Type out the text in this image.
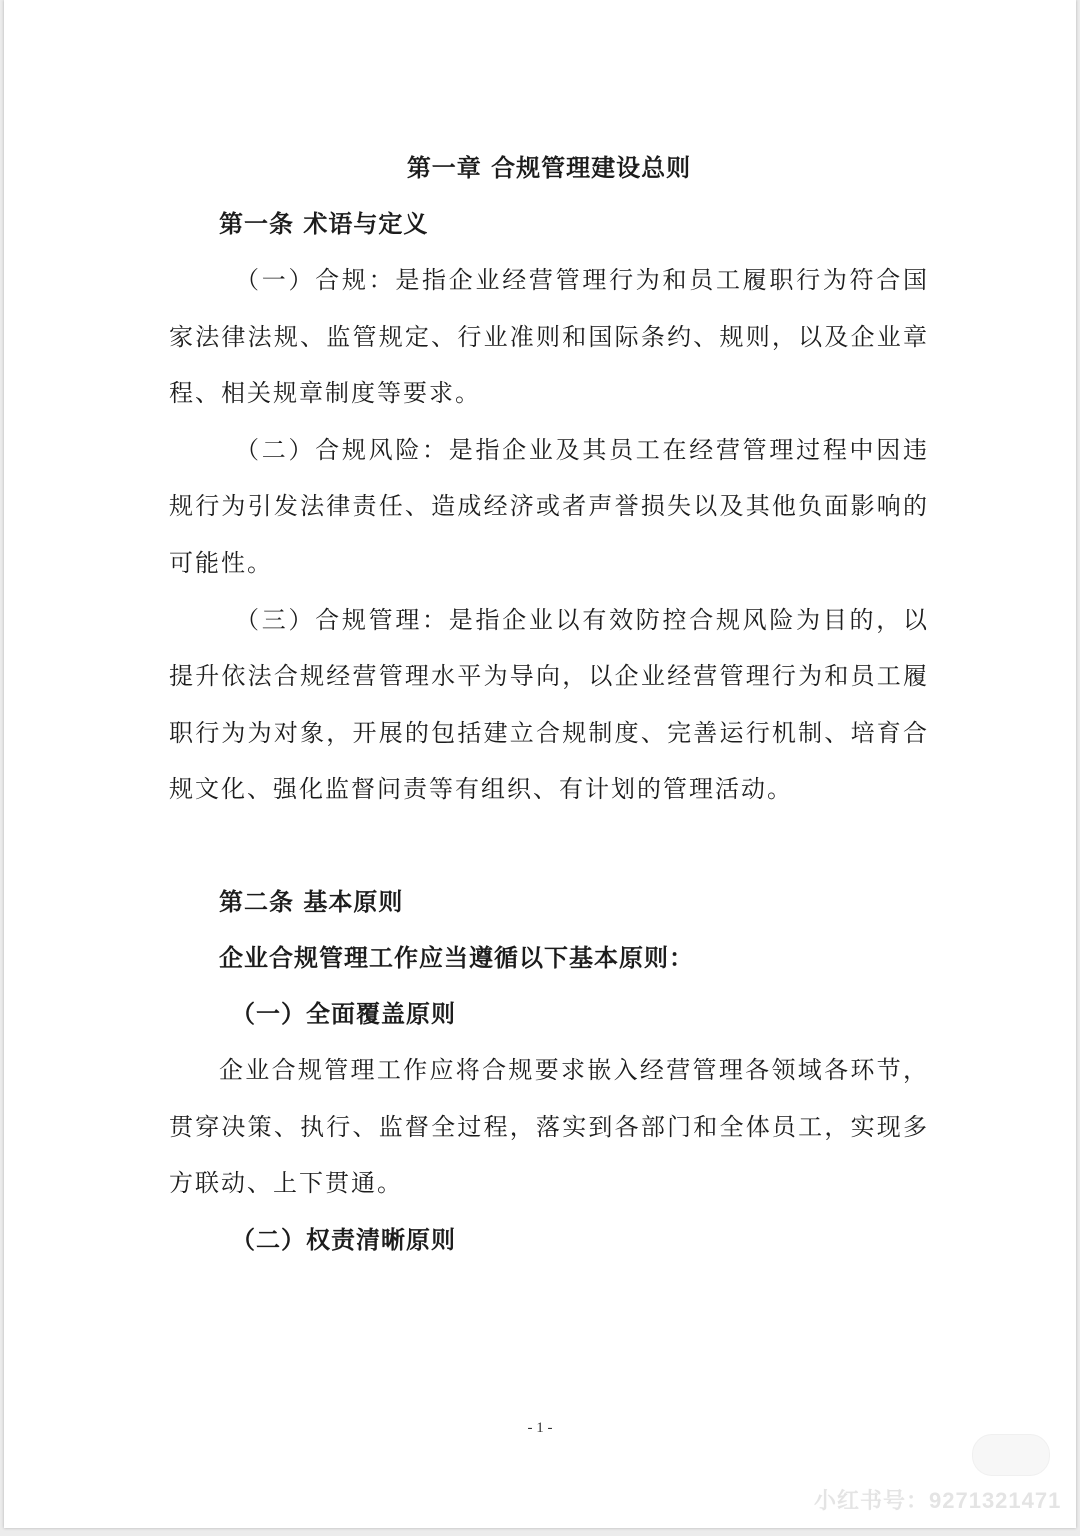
第一章 合规管理建设总则
第一条 术语与定义

（一）合规：是指企业经营管理行为和员工履职行为符合国家法律法规、监管规定、行业准则和国际条约、规则，以及企业章程、相关规章制度等要求。

（二）合规风险：是指企业及其员工在经营管理过程中因违规行为引发法律责任、造成经济或者声誉损失以及其他负面影响的可能性。

（三）合规管理：是指企业以有效防控合规风险为目的，以提升依法合规经营管理水平为导向，以企业经营管理行为和员工履职行为为对象，开展的包括建立合规制度、完善运行机制、培育合规文化、强化监督问责等有组织、有计划的管理活动。

第二条 基本原则
企业合规管理工作应当遵循以下基本原则：
（一）全面覆盖原则

企业合规管理工作应将合规要求嵌入经营管理各领域各环节，贯穿决策、执行、监督全过程，落实到各部门和全体员工，实现多方联动、上下贯通。

（二）权责清晰原则
- 1 -
小红书号：9271321471
